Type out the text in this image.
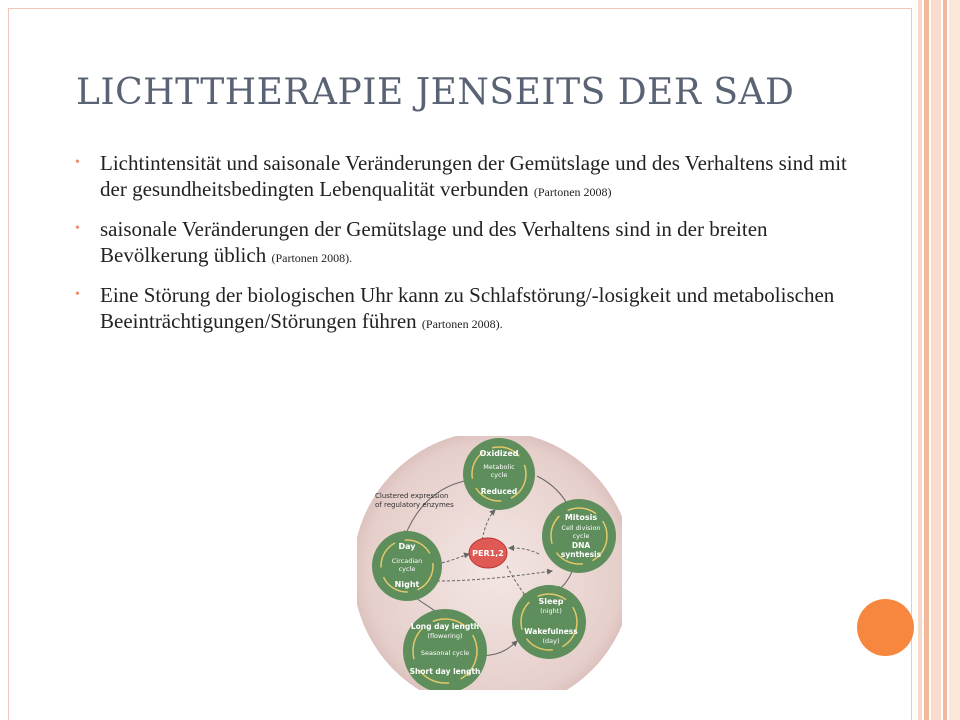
LICHTTHERAPIE JENSEITS DER SAD
• Lichtintensität und saisonale Veränderungen der Gemütslage und des Verhaltens sind mit der gesundheitsbedingten Lebenqualität verbunden (Partonen 2008)
• saisonale Veränderungen der Gemütslage und des Verhaltens sind in der breiten Bevölkerung üblich (Partonen 2008).
• Eine Störung der biologischen Uhr kann zu Schlafstörung/-losigkeit und metabolischen Beeinträchtigungen/Störungen führen (Partonen 2008).
Oxidized
Metabolic
cycle
Reduced
Clustered expression
of regulatory enzymes
Mitosis
Cell division
cycle
DNA
synthesis
PER1,2
Day
Circadian
cycle
Night
Sleep
(night)
Wakefulness
(day)
Long day length
(flowering)
Seasonal cycle
Short day length
